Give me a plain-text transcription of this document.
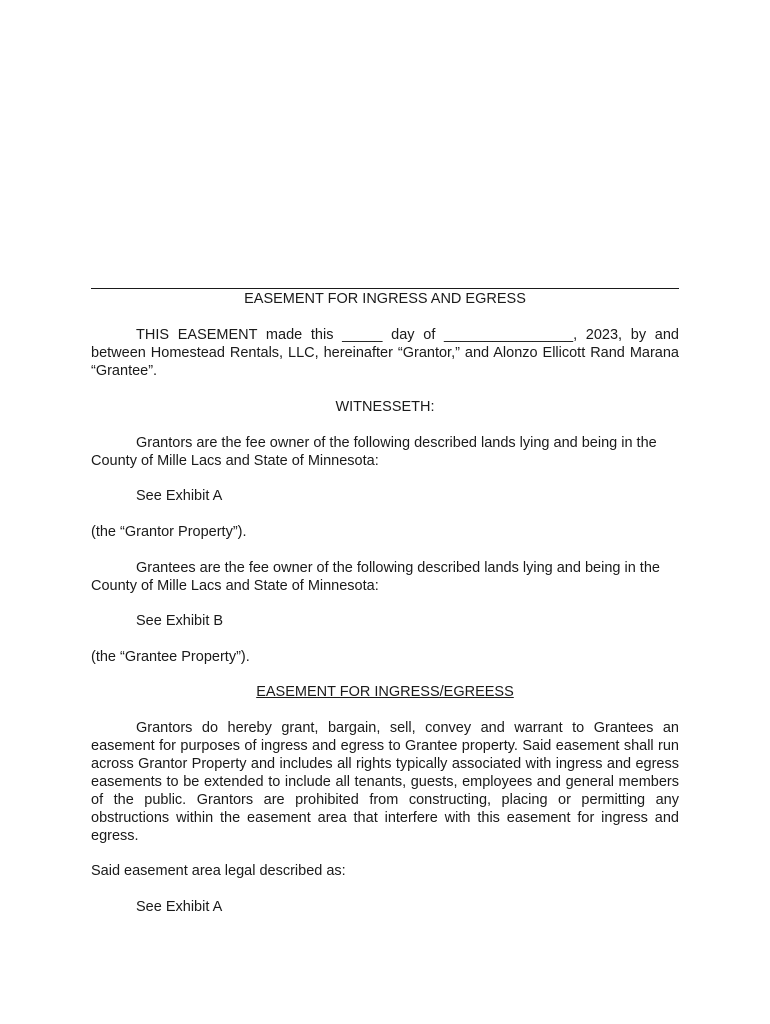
EASEMENT FOR INGRESS AND EGRESS
THIS EASEMENT made this _____ day of ________________, 2023, by and between Homestead Rentals, LLC, hereinafter “Grantor,” and Alonzo Ellicott Rand Marana “Grantee”.
WITNESSETH:
Grantors are the fee owner of the following described lands lying and being in the County of Mille Lacs and State of Minnesota:
See Exhibit A
(the “Grantor Property”).
Grantees are the fee owner of the following described lands lying and being in the County of Mille Lacs and State of Minnesota:
See Exhibit B
(the “Grantee Property”).
EASEMENT FOR INGRESS/EGREESS
Grantors do hereby grant, bargain, sell, convey and warrant to Grantees an easement for purposes of ingress and egress to Grantee property. Said easement shall run across Grantor Property and includes all rights typically associated with ingress and egress easements to be extended to include all tenants, guests, employees and general members of the public. Grantors are prohibited from constructing, placing or permitting any obstructions within the easement area that interfere with this easement for ingress and egress.
Said easement area legal described as:
See Exhibit A
